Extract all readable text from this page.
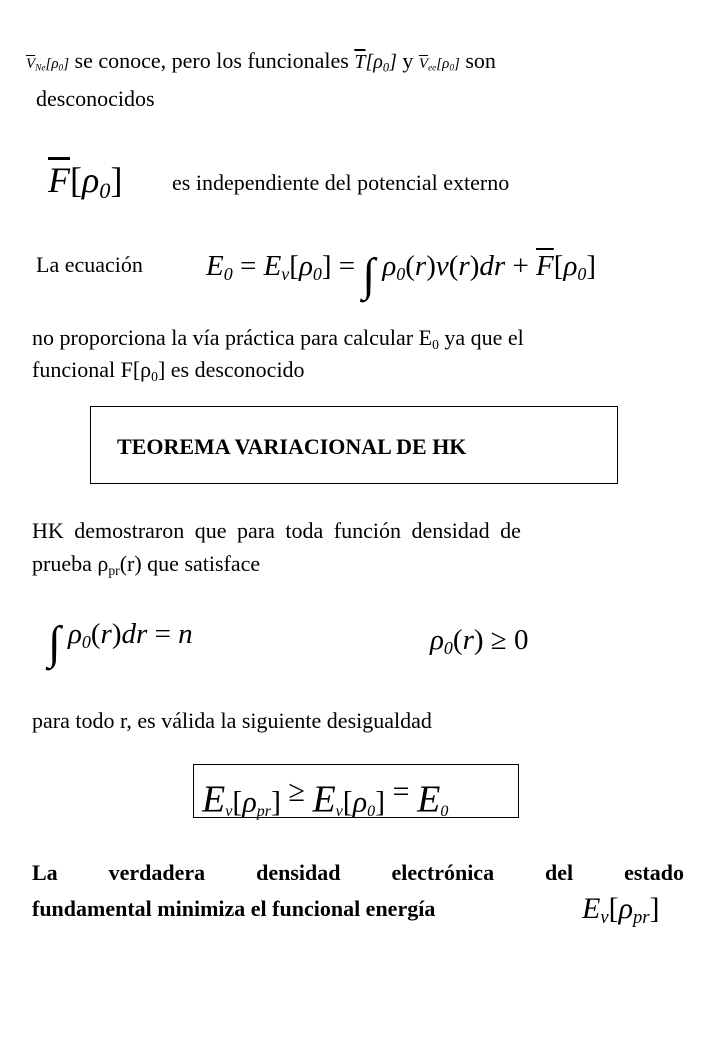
$\overline{V}_{Ne}[\rho_0]$ se conoce, pero los funcionales $\overline{T}[\rho_0]$ y $\overline{V}_{ee}[\rho_0]$ son
desconocidos
$\overline{F}[\rho_0]$ es independiente del potencial externo
La ecuación $E_0 = E_v[\rho_0]$ = ∫ $\rho_0(r)v(r)dr + \overline{F}[\rho_0]$
no proporciona la vía práctica para calcular $E_0$ ya que el
funcional $F[\rho_0]$ es desconocido
TEOREMA VARIACIONAL DE HK
HK demostraron que para toda función densidad de
prueba $\rho_{pr}(r)$ que satisface
∫ $\rho_0(r)dr = n$	$\rho_0(r) \ge 0$
para todo r, es válida la siguiente desigualdad
$E_v[\rho_{pr}] \ge E_v[\rho_0] = E_0$
La verdadera densidad electrónica del estado
fundamental minimiza el funcional energía	$E_v[\rho_{pr}]$
